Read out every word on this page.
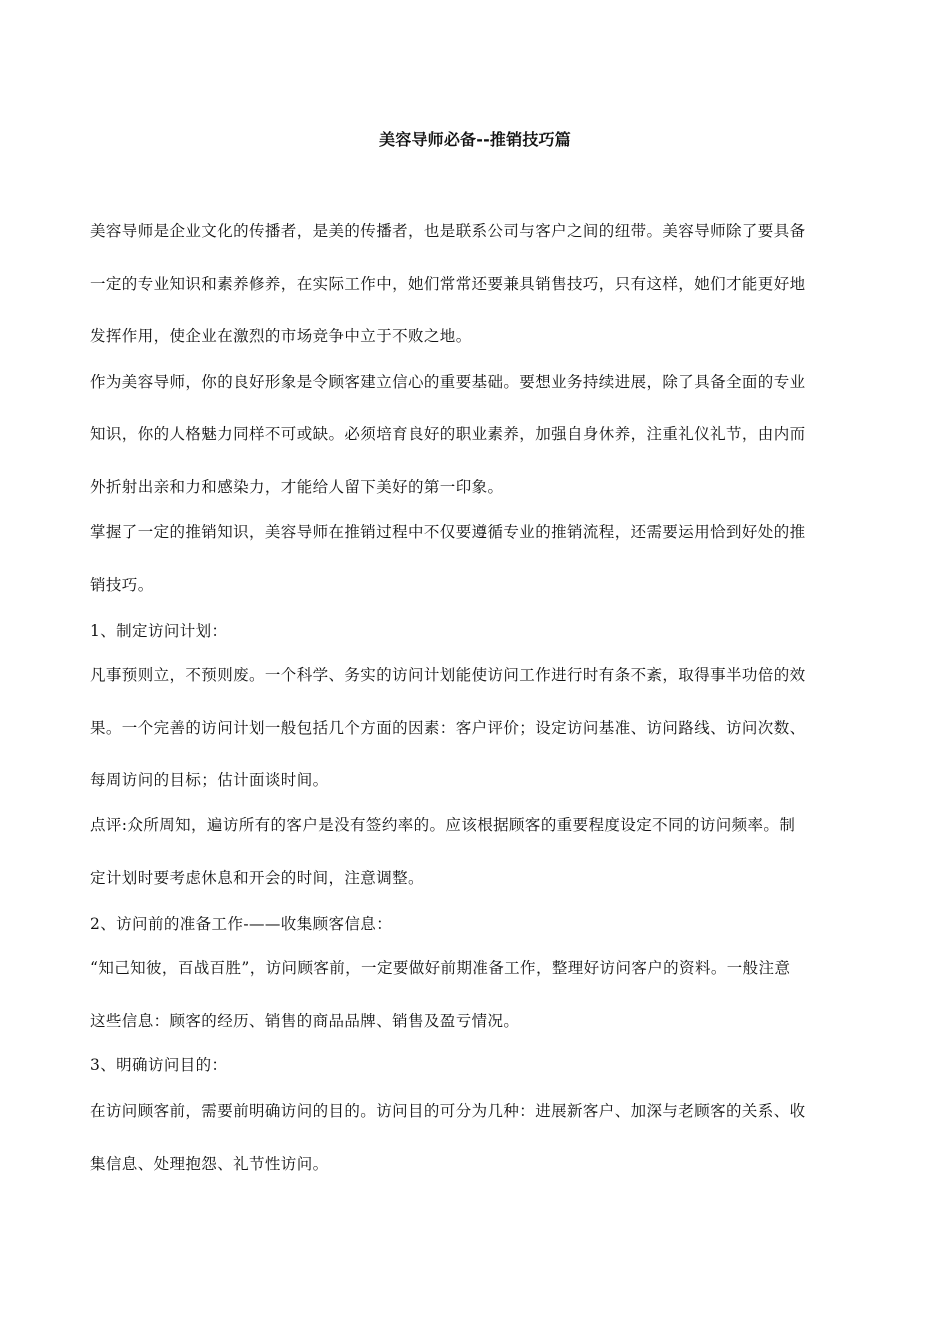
美容导师必备--推销技巧篇
美容导师是企业文化的传播者，是美的传播者，也是联系公司与客户之间的纽带。美容导师除了要具备
一定的专业知识和素养修养，在实际工作中，她们常常还要兼具销售技巧，只有这样，她们才能更好地
发挥作用，使企业在激烈的市场竞争中立于不败之地。
作为美容导师，你的良好形象是令顾客建立信心的重要基础。要想业务持续进展，除了具备全面的专业
知识，你的人格魅力同样不可或缺。必须培育良好的职业素养，加强自身休养，注重礼仪礼节，由内而
外折射出亲和力和感染力，才能给人留下美好的第一印象。
掌握了一定的推销知识，美容导师在推销过程中不仅要遵循专业的推销流程，还需要运用恰到好处的推
销技巧。
1、制定访问计划：
凡事预则立，不预则废。一个科学、务实的访问计划能使访问工作进行时有条不紊，取得事半功倍的效
果。一个完善的访问计划一般包括几个方面的因素：客户评价；设定访问基准、访问路线、访问次数、
每周访问的目标；估计面谈时间。
点评:众所周知，遍访所有的客户是没有签约率的。应该根据顾客的重要程度设定不同的访问频率。制
定计划时要考虑休息和开会的时间，注意调整。
2、访问前的准备工作-——收集顾客信息：
“知己知彼，百战百胜”，访问顾客前，一定要做好前期准备工作，整理好访问客户的资料。一般注意
这些信息：顾客的经历、销售的商品品牌、销售及盈亏情况。
3、明确访问目的：
在访问顾客前，需要前明确访问的目的。访问目的可分为几种：进展新客户、加深与老顾客的关系、收
集信息、处理抱怨、礼节性访问。
